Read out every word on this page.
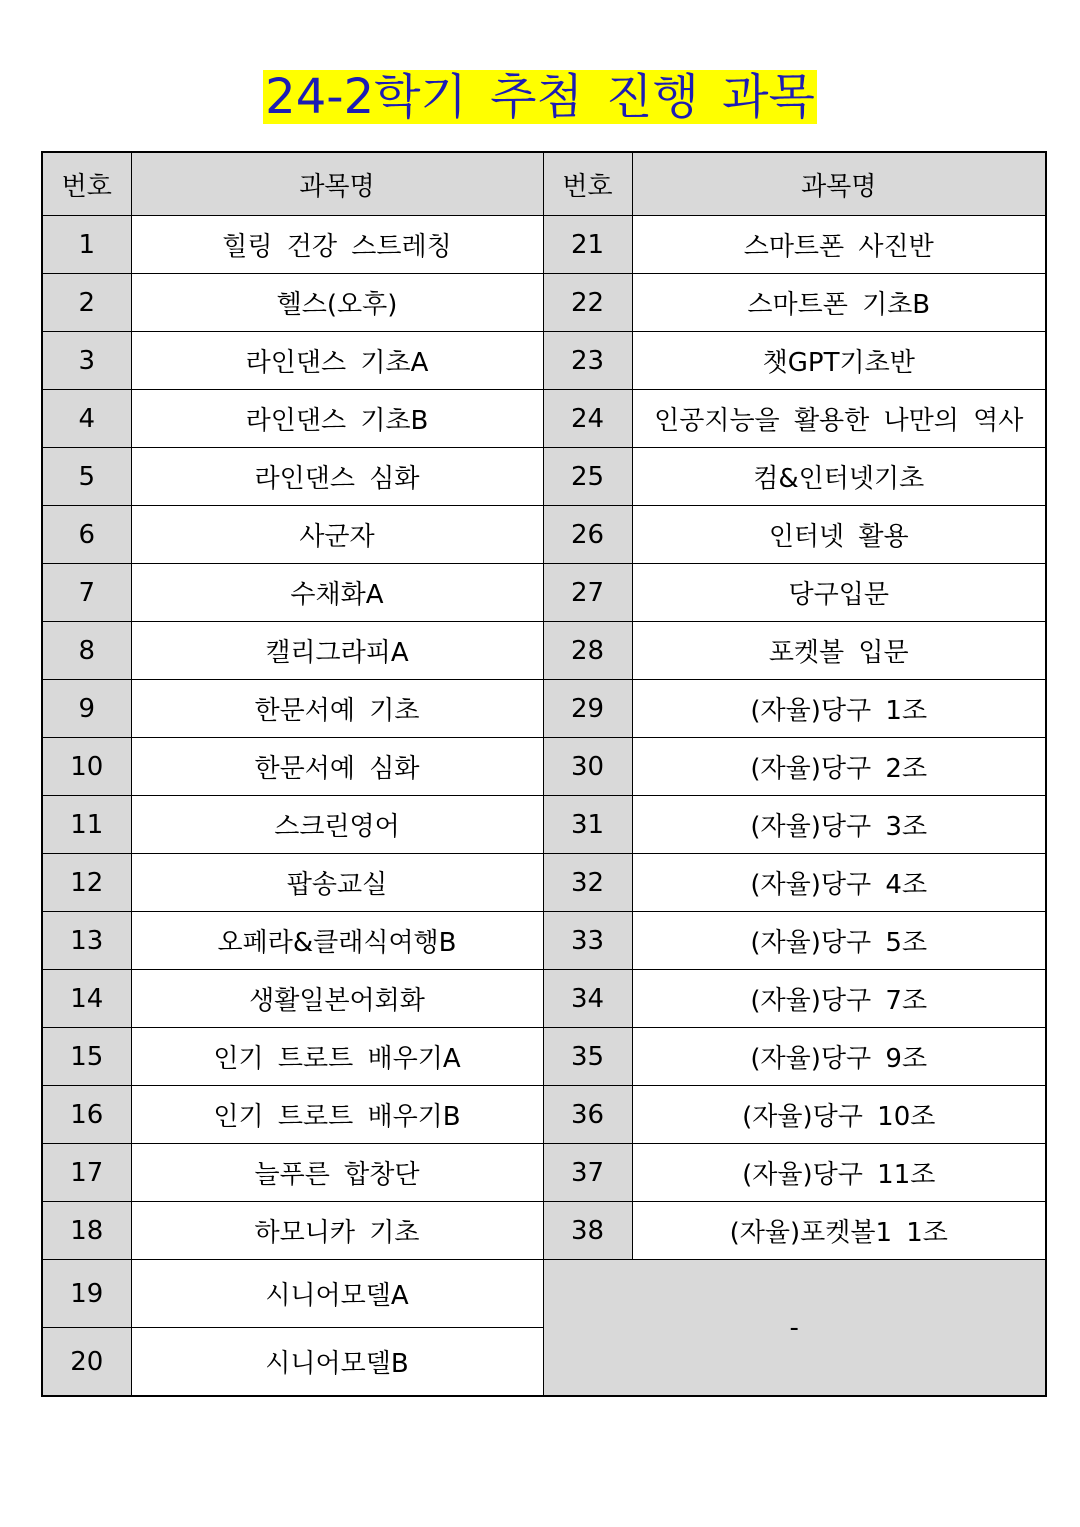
24-2학기 추첨 진행 과목
번호	과목명	번호	과목명
1	힐링 건강 스트레칭	21	스마트폰 사진반
2	헬스(오후)	22	스마트폰 기초B
3	라인댄스 기초A	23	챗GPT기초반
4	라인댄스 기초B	24	인공지능을 활용한 나만의 역사
5	라인댄스 심화	25	컴&인터넷기초
6	사군자	26	인터넷 활용
7	수채화A	27	당구입문
8	캘리그라피A	28	포켓볼 입문
9	한문서예 기초	29	(자율)당구 1조
10	한문서예 심화	30	(자율)당구 2조
11	스크린영어	31	(자율)당구 3조
12	팝송교실	32	(자율)당구 4조
13	오페라&클래식여행B	33	(자율)당구 5조
14	생활일본어회화	34	(자율)당구 7조
15	인기 트로트 배우기A	35	(자율)당구 9조
16	인기 트로트 배우기B	36	(자율)당구 10조
17	늘푸른 합창단	37	(자율)당구 11조
18	하모니카 기초	38	(자율)포켓볼1 1조
19	시니어모델A	-	
20	시니어모델B		
